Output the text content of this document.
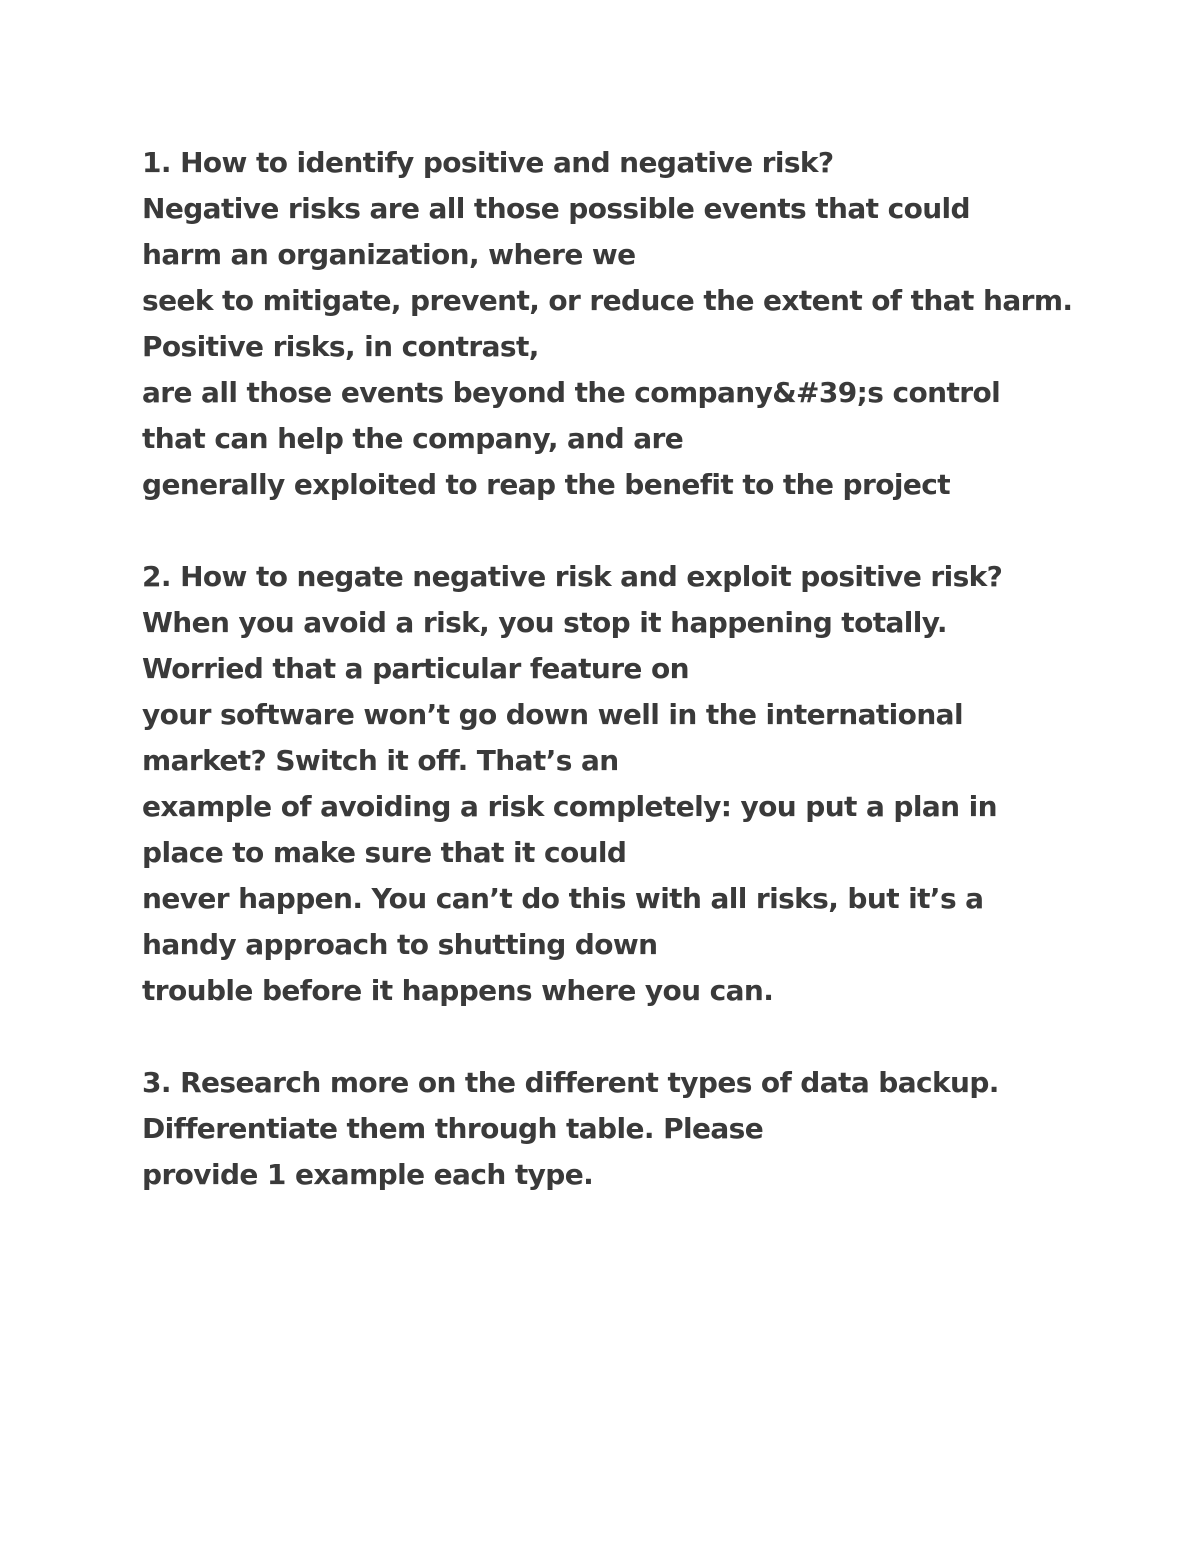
1. How to identify positive and negative risk?
Negative risks are all those possible events that could
harm an organization, where we
seek to mitigate, prevent, or reduce the extent of that harm.
Positive risks, in contrast,
are all those events beyond the company&#39;s control
that can help the company, and are
generally exploited to reap the benefit to the project
2. How to negate negative risk and exploit positive risk?
When you avoid a risk, you stop it happening totally.
Worried that a particular feature on
your software won’t go down well in the international
market? Switch it off. That’s an
example of avoiding a risk completely: you put a plan in
place to make sure that it could
never happen. You can’t do this with all risks, but it’s a
handy approach to shutting down
trouble before it happens where you can.
3. Research more on the different types of data backup.
Differentiate them through table. Please
provide 1 example each type.
